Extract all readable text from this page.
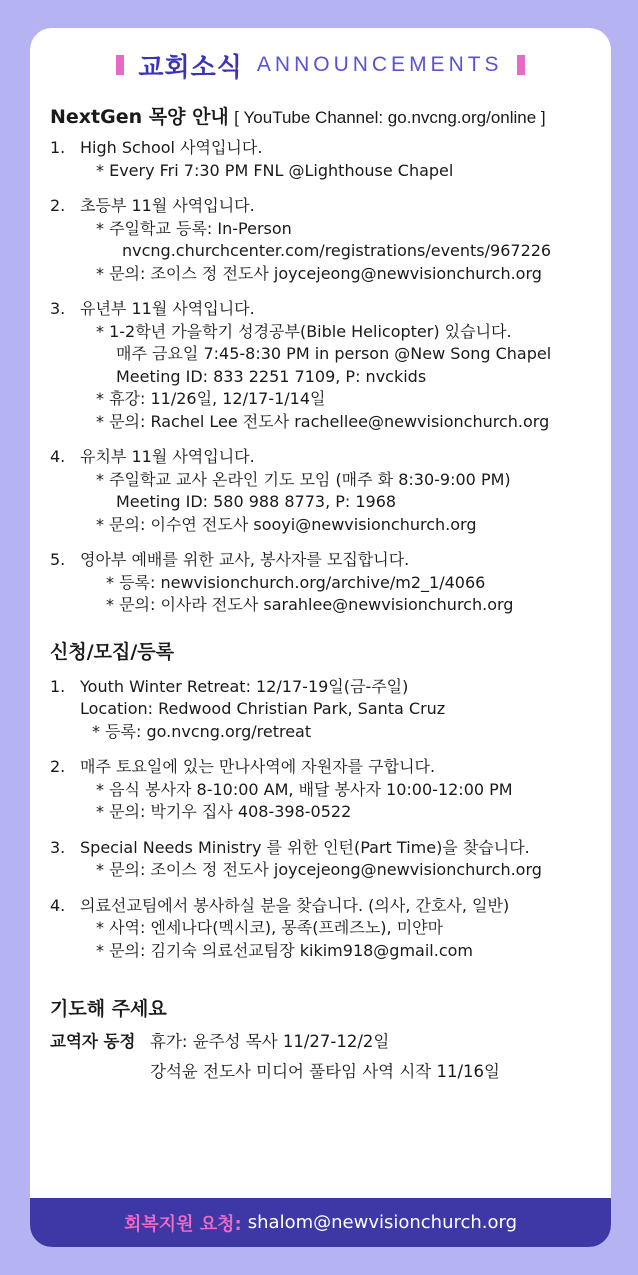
교회소식 ANNOUNCEMENTS

NextGen 목양 안내 [ YouTube Channel: go.nvcng.org/online ]

1. High School 사역입니다.
* Every Fri 7:30 PM FNL @Lighthouse Chapel
2. 초등부 11월 사역입니다.
* 주일학교 등록: In-Person
nvcng.churchcenter.com/registrations/events/967226
* 문의: 조이스 정 전도사 joycejeong@newvisionchurch.org
3. 유년부 11월 사역입니다.
* 1-2학년 가을학기 성경공부(Bible Helicopter) 있습니다.
매주 금요일 7:45-8:30 PM in person @New Song Chapel
Meeting ID: 833 2251 7109, P: nvckids
* 휴강: 11/26일, 12/17-1/14일
* 문의: Rachel Lee 전도사 rachellee@newvisionchurch.org
4. 유치부 11월 사역입니다.
* 주일학교 교사 온라인 기도 모임 (매주 화 8:30-9:00 PM)
Meeting ID: 580 988 8773, P: 1968
* 문의: 이수연 전도사 sooyi@newvisionchurch.org
5. 영아부 예배를 위한 교사, 봉사자를 모집합니다.
* 등록: newvisionchurch.org/archive/m2_1/4066
* 문의: 이사라 전도사 sarahlee@newvisionchurch.org

신청/모집/등록

1. Youth Winter Retreat: 12/17-19일(금-주일)
Location: Redwood Christian Park, Santa Cruz
* 등록: go.nvcng.org/retreat
2. 매주 토요일에 있는 만나사역에 자원자를 구합니다.
* 음식 봉사자 8-10:00 AM, 배달 봉사자 10:00-12:00 PM
* 문의: 박기우 집사 408-398-0522
3. Special Needs Ministry 를 위한 인턴(Part Time)을 찾습니다.
* 문의: 조이스 정 전도사 joycejeong@newvisionchurch.org
4. 의료선교팀에서 봉사하실 분을 찾습니다. (의사, 간호사, 일반)
* 사역: 엔세나다(멕시코), 몽족(프레즈노), 미얀마
* 문의: 김기숙 의료선교팀장 kikim918@gmail.com

기도해 주세요

교역자 동정 휴가: 윤주성 목사 11/27-12/2일
강석윤 전도사 미디어 풀타임 사역 시작 11/16일
회복지원 요청: shalom@newvisionchurch.org
